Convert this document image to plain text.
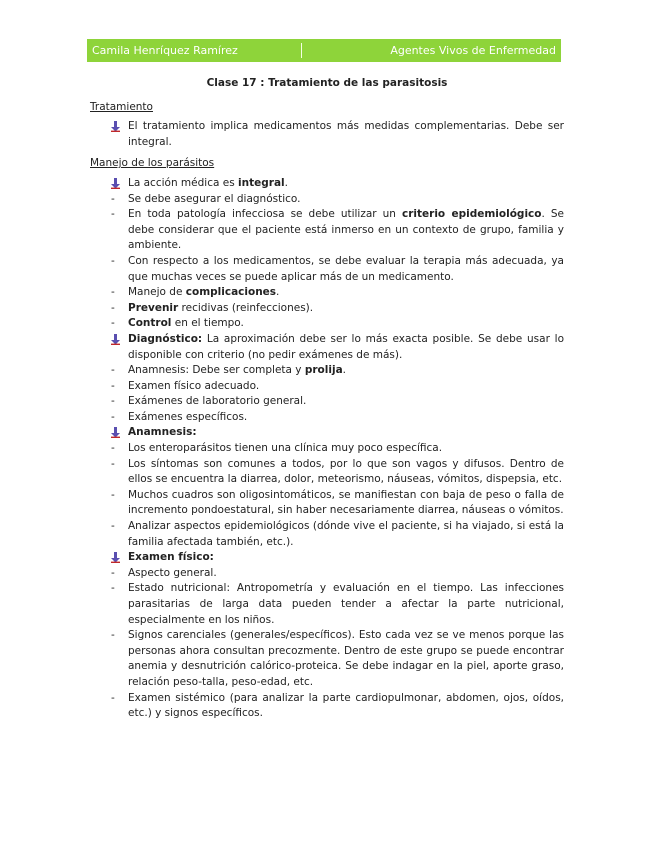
Camila Henríquez Ramírez	Agentes Vivos de Enfermedad
Clase 17 : Tratamiento de las parasitosis
Tratamiento
El tratamiento implica medicamentos más medidas complementarias. Debe ser integral.
Manejo de los parásitos
La acción médica es integral.
-	Se debe asegurar el diagnóstico.
-	En toda patología infecciosa se debe utilizar un criterio epidemiológico. Se debe considerar que el paciente está inmerso en un contexto de grupo, familia y ambiente.
-	Con respecto a los medicamentos, se debe evaluar la terapia más adecuada, ya que muchas veces se puede aplicar más de un medicamento.
-	Manejo de complicaciones.
-	Prevenir recidivas (reinfecciones).
-	Control en el tiempo.
Diagnóstico: La aproximación debe ser lo más exacta posible. Se debe usar lo disponible con criterio (no pedir exámenes de más).
-	Anamnesis: Debe ser completa y prolija.
-	Examen físico adecuado.
-	Exámenes de laboratorio general.
-	Exámenes específicos.
Anamnesis:
-	Los enteroparásitos tienen una clínica muy poco específica.
-	Los síntomas son comunes a todos, por lo que son vagos y difusos. Dentro de ellos se encuentra la diarrea, dolor, meteorismo, náuseas, vómitos, dispepsia, etc.
-	Muchos cuadros son oligosintomáticos, se manifiestan con baja de peso o falla de incremento pondoestatural, sin haber necesariamente diarrea, náuseas o vómitos.
-	Analizar aspectos epidemiológicos (dónde vive el paciente, si ha viajado, si está la familia afectada también, etc.).
Examen físico:
-	Aspecto general.
-	Estado nutricional: Antropometría y evaluación en el tiempo. Las infecciones parasitarias de larga data pueden tender a afectar la parte nutricional, especialmente en los niños.
-	Signos carenciales (generales/específicos). Esto cada vez se ve menos porque las personas ahora consultan precozmente. Dentro de este grupo se puede encontrar anemia y desnutrición calórico-proteica. Se debe indagar en la piel, aporte graso, relación peso-talla, peso-edad, etc.
-	Examen sistémico (para analizar la parte cardiopulmonar, abdomen, ojos, oídos, etc.) y signos específicos.
